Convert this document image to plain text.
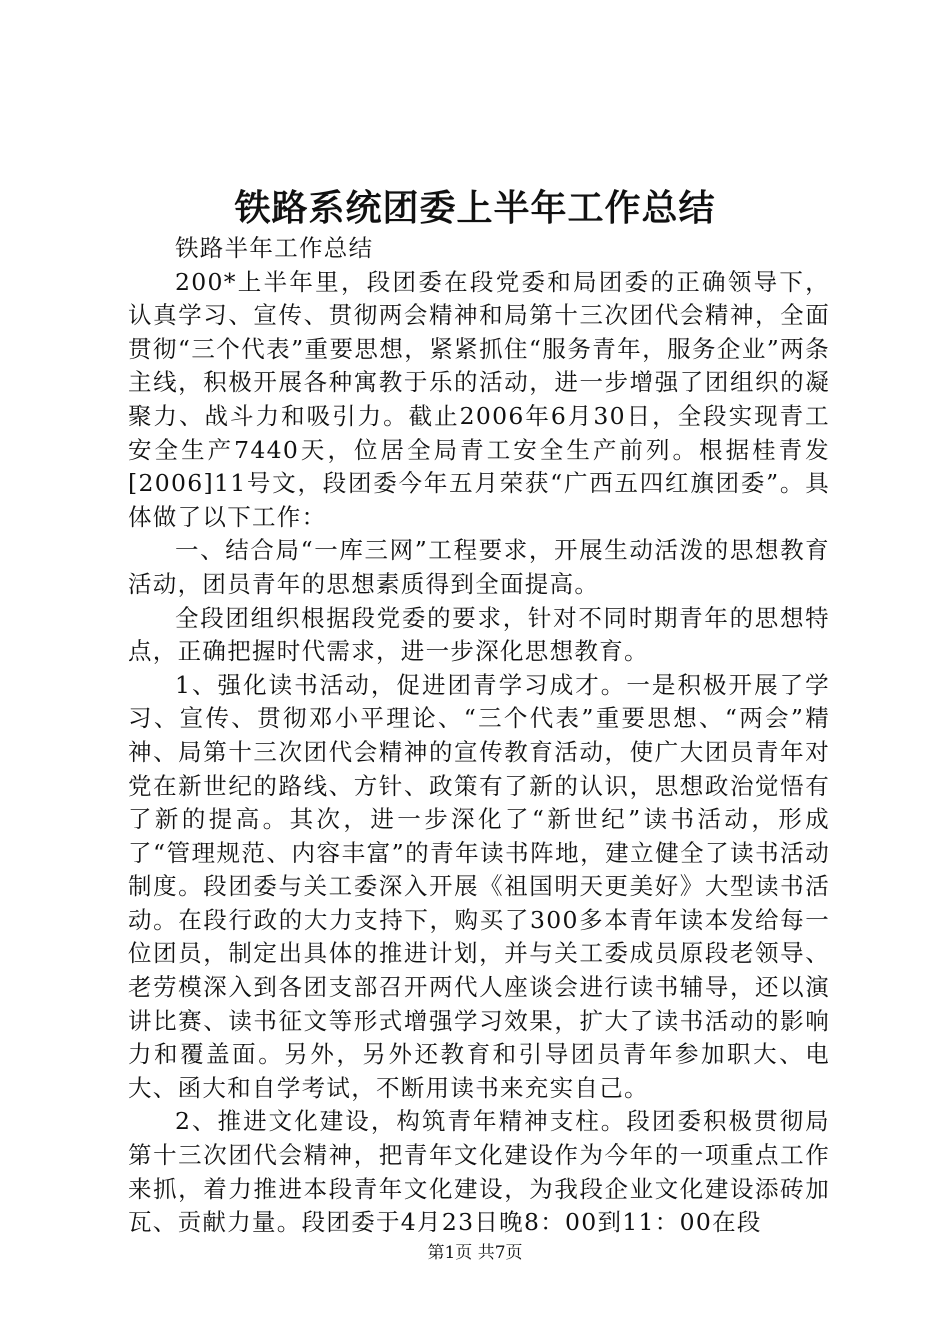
铁路系统团委上半年工作总结

铁路半年工作总结

200*上半年里，段团委在段党委和局团委的正确领导下，认真学习、宣传、贯彻两会精神和局第十三次团代会精神，全面贯彻“三个代表”重要思想，紧紧抓住“服务青年，服务企业”两条主线，积极开展各种寓教于乐的活动，进一步增强了团组织的凝聚力、战斗力和吸引力。截止2006年6月30日，全段实现青工安全生产7440天，位居全局青工安全生产前列。根据桂青发[2006]11号文，段团委今年五月荣获“广西五四红旗团委”。具体做了以下工作：

一、结合局“一库三网”工程要求，开展生动活泼的思想教育活动，团员青年的思想素质得到全面提高。

全段团组织根据段党委的要求，针对不同时期青年的思想特点，正确把握时代需求，进一步深化思想教育。

1、强化读书活动，促进团青学习成才。一是积极开展了学习、宣传、贯彻邓小平理论、“三个代表”重要思想、“两会”精神、局第十三次团代会精神的宣传教育活动，使广大团员青年对党在新世纪的路线、方针、政策有了新的认识，思想政治觉悟有了新的提高。其次，进一步深化了“新世纪”读书活动，形成了“管理规范、内容丰富”的青年读书阵地，建立健全了读书活动制度。段团委与关工委深入开展《祖国明天更美好》大型读书活动。在段行政的大力支持下，购买了300多本青年读本发给每一位团员，制定出具体的推进计划，并与关工委成员原段老领导、老劳模深入到各团支部召开两代人座谈会进行读书辅导，还以演讲比赛、读书征文等形式增强学习效果，扩大了读书活动的影响力和覆盖面。另外，另外还教育和引导团员青年参加职大、电大、函大和自学考试，不断用读书来充实自己。

2、推进文化建设，构筑青年精神支柱。段团委积极贯彻局第十三次团代会精神，把青年文化建设作为今年的一项重点工作来抓，着力推进本段青年文化建设，为我段企业文化建设添砖加瓦、贡献力量。段团委于4月23日晚8：00到11：00在段

第1页 共7页
